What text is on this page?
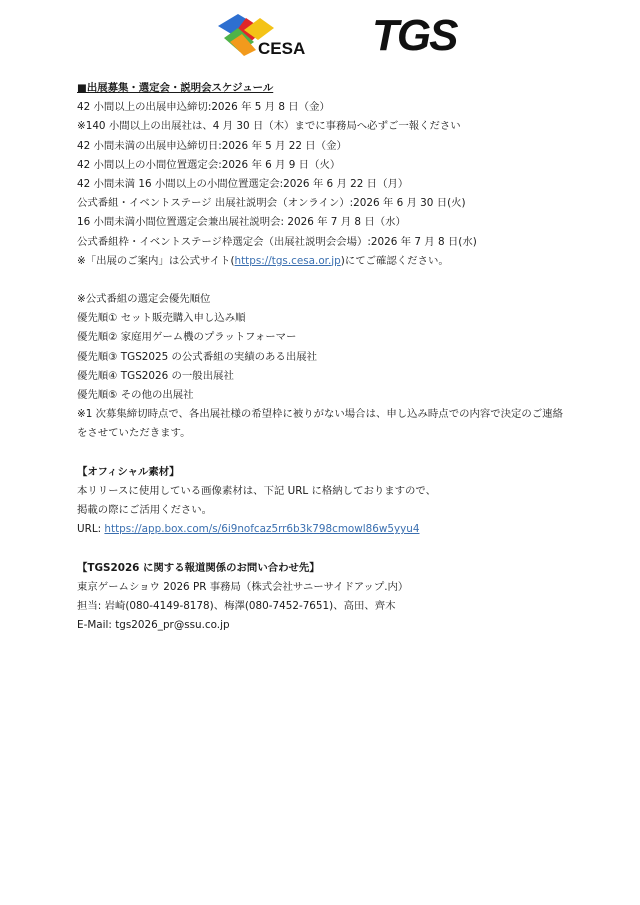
CESA TGS
■出展募集・選定会・説明会スケジュール
42 小間以上の出展申込締切:2026 年 5 月 8 日（金）
※140 小間以上の出展社は、4 月 30 日（木）までに事務局へ必ずご一報ください
42 小間未満の出展申込締切日:2026 年 5 月 22 日（金）
42 小間以上の小間位置選定会:2026 年 6 月 9 日（火）
42 小間未満 16 小間以上の小間位置選定会:2026 年 6 月 22 日（月）
公式番組・イベントステージ 出展社説明会（オンライン）:2026 年 6 月 30 日(火)
16 小間未満小間位置選定会兼出展社説明会: 2026 年 7 月 8 日（水）
公式番組枠・イベントステージ枠選定会（出展社説明会会場）:2026 年 7 月 8 日(水)
※「出展のご案内」は公式サイト(https://tgs.cesa.or.jp)にてご確認ください。
※公式番組の選定会優先順位
優先順① セット販売購入申し込み順
優先順② 家庭用ゲーム機のプラットフォーマー
優先順③ TGS2025 の公式番組の実績のある出展社
優先順④ TGS2026 の一般出展社
優先順⑤ その他の出展社
※1 次募集締切時点で、各出展社様の希望枠に被りがない場合は、申し込み時点での内容で決定のご連絡をさせていただきます。
【オフィシャル素材】
本リリースに使用している画像素材は、下記 URL に格納しておりますので、
掲載の際にご活用ください。
URL: https://app.box.com/s/6i9nofcaz5rr6b3k798cmowl86w5yyu4
【TGS2026 に関する報道関係のお問い合わせ先】
東京ゲームショウ 2026 PR 事務局（株式会社サニーサイドアップ.内）
担当: 岩崎(080-4149-8178)、梅澤(080-7452-7651)、高田、齊木
E-Mail: tgs2026_pr@ssu.co.jp
